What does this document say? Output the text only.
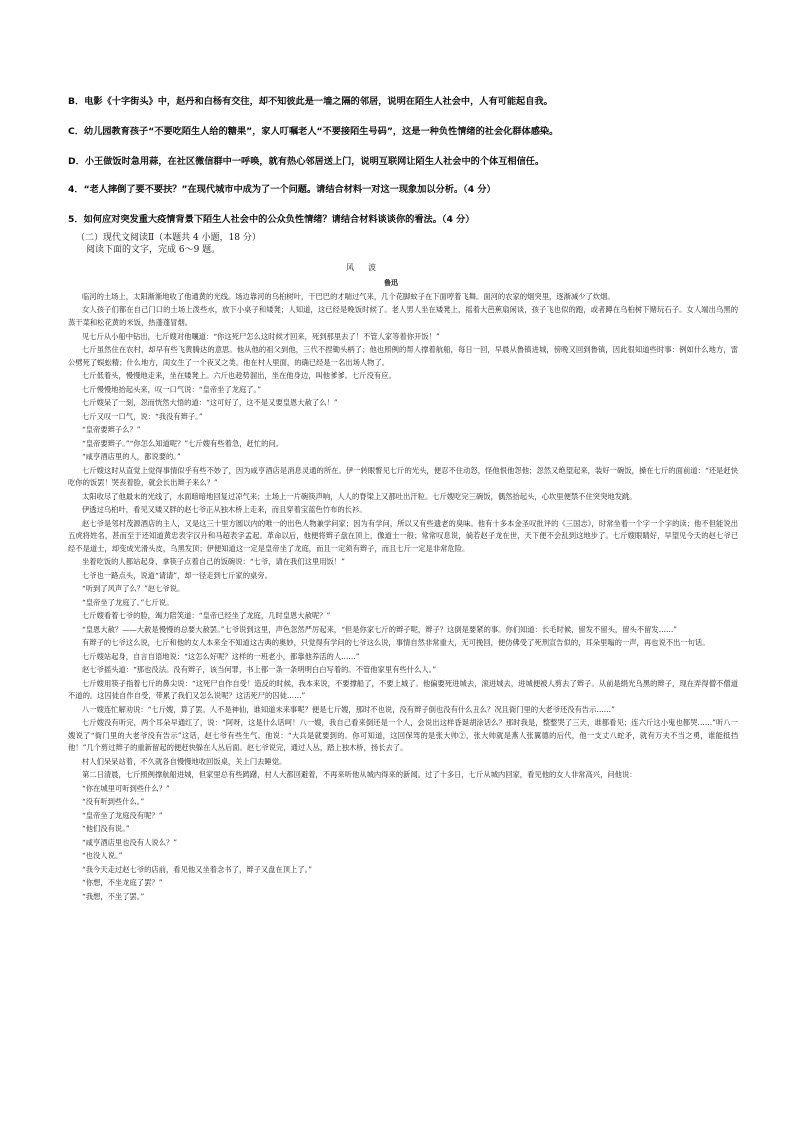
B．电影《十字街头》中，赵丹和白杨有交往，却不知彼此是一墙之隔的邻居，说明在陌生人社会中，人有可能起自我。
C．幼儿园教育孩子“不要吃陌生人给的糖果”，家人叮嘱老人“不要接陌生号码”，这是一种负性情绪的社会化群体感染。
D．小王做饭时急用蒜，在社区微信群中一呼唤，就有热心邻居送上门，说明互联网让陌生人社会中的个体互相信任。
4．“老人摔倒了要不要扶？”在现代城市中成为了一个问题。请结合材料一对这一现象加以分析。（4 分）
5．如何应对突发重大疫情背景下陌生人社会中的公众负性情绪？请结合材料谈谈你的看法。（4 分）
（二）现代文阅读Ⅱ（本题共 4 小题，18 分）
阅读下面的文字，完成 6～9 题。
风波
鲁迅

临河的土场上，太阳渐渐地收了他通黄的光线。场边靠河的乌桕树叶，干巴巴的才喘过气来，几个花脚蚊子在下面哼着飞舞。面河的农家的烟突里，逐渐减少了炊烟。

女人孩子们都在自己门口的土场上泼些水，放下小桌子和矮凳；人知道，这已经是晚饭时候了。老人男人坐在矮凳上，摇着大芭蕉扇闲谈，孩子飞也似的跑，或者蹲在乌桕树下赌玩石子。女人端出乌黑的蒸干菜和松花黄的米饭，热蓬蓬冒烟。

见七斤从小船中钻出，七斤嫂对他嚷道：“你这死尸怎么这时候才回来，死到那里去了！不管人家等着你开饭！”

七斤虽然住在农村，却早有些飞黄腾达的意思。他从他的祖父到他，三代不捏锄头柄了；他也照例的帮人撑着航船，每日一回，早晨从鲁镇进城，傍晚又回到鲁镇，因此很知道些时事：例如什么地方，雷公劈死了蜈蚣精；什么地方，闺女生了一个夜叉之类。他在村人里面，的确已经是一名出场人物了。

七斤低着头，慢慢地走来，坐在矮凳上。六斤也趁势溜出，坐在他身边，叫他爹爹。七斤没有应。

七斤慢慢地抬起头来，叹一口气说：“皇帝坐了龙庭了。”

七斤嫂呆了一刻，忽而恍然大悟的道：“这可好了，这不是又要皇恩大赦了么！”

七斤又叹一口气，说：“我没有辫子。”

“皇帝要辫子么？”

“皇帝要辫子。”“你怎么知道呢？”七斤嫂有些着急，赶忙的问。

“咸亨酒店里的人，都说要的。”

七斤嫂这时从直觉上觉得事情似乎有些不妙了，因为咸亨酒店是消息灵通的所在。伊一转眼瞥见七斤的光头，便忍不住动怒，怪他恨他怨他；忽然又绝望起来，装好一碗饭，搡在七斤的面前道：“还是赶快吃你的饭罢！哭丧着脸，就会长出辫子来么？”

太阳收尽了他最末的光线了，水面暗暗地回复过凉气来；土场上一片碗筷声响，人人的脊梁上又都吐出汗粒。七斤嫂吃完三碗饭，偶然抬起头，心坎里便禁不住突突地发跳。

伊透过乌桕叶，看见又矮又胖的赵七爷正从独木桥上走来，而且穿着宝蓝色竹布的长衫。

赵七爷是邻村茂源酒店的主人，又是这三十里方圆以内的唯一的出色人物兼学问家；因为有学问，所以又有些遗老的臭味。他有十多本金圣叹批评的《三国志》，时常坐着一个字一个字的读；他不但能说出五虎将姓名，甚而至于还知道黄忠表字汉升和马超表字孟起。革命以后，他便将辫子盘在顶上，像道士一般；常常叹息说，倘若赵子龙在世，天下便不会乱到这地步了。七斤嫂眼睛好，早望见今天的赵七爷已经不是道士，却变成光滑头皮，乌黑发顶；伊便知道这一定是皇帝坐了龙庭，而且一定须有辫子，而且七斤一定是非常危险。

坐着吃饭的人都站起身，拿筷子点着自己的饭碗说：“七爷，请在我们这里用饭！”

七爷也一路点头，说道“请请”，却一径走到七斤家的桌旁。

“听到了风声了么？”赵七爷说。

“皇帝坐了龙庭了。”七斤说。

七斤嫂看着七爷的脸，竭力陪笑道：“皇帝已经坐了龙庭，几时皇恩大赦呢？”

“皇恩大赦？——大赦是慢慢的总要大赦罢。”七爷说到这里，声色忽然严厉起来，“但是你家七斤的辫子呢，辫子？这倒是要紧的事。你们知道：长毛时候，留发不留头，留头不留发……”

有辫子的七爷这么说，七斤和他的女人本来全不知道这古典的奥妙，只觉得有学问的七爷这么说，事情自然非常重大，无可挽回，便仿佛受了死刑宣告似的，耳朵里嗡的一声，再也说不出一句话。

七斤嫂站起身，自言自语地说：“这怎么好呢？这样的一班老小，都靠他养活的人……”

赵七爷摇头道：“那也没法。没有辫子，该当何罪，书上都一条一条明明白白写着的。不管他家里有些什么人。”

七斤嫂用筷子指着七斤的鼻尖说：“这死尸自作自受！造反的时候，我本来说，不要撑船了，不要上城了。他偏要死进城去，滚进城去，进城便被人剪去了辫子。从前是绢光乌黑的辫子，现在弄得僧不僧道不道的。这囚徒自作自受，带累了我们又怎么说呢？这活死尸的囚徒……”

八一嫂连忙解劝说：“七斤嫂，算了罢。人不是神仙，谁知道未来事呢？便是七斤嫂，那时不也说，没有辫子倒也没有什么丑么？况且衙门里的大老爷还没有告示……”

七斤嫂没有听完，两个耳朵早通红了，说：“阿呀，这是什么话呵！八一嫂，我自己看来倒还是一个人，会说出这样昏诞胡涂话么？那时我是，整整哭了三天，谁都看见；连六斤这小鬼也都哭……”听八一嫂说了“衙门里的大老爷没有告示”这话，赵七爷有些生气。他说：“大兵是就要到的。你可知道，这回保驾的是张大帅②，张大帅就是燕人张翼德的后代，他一支丈八蛇矛，就有万夫不当之勇，谁能抵挡他！”几个剪过辫子的重新留起的便赶快躲在人丛后面。赵七爷说完，通过人丛，踏上独木桥，扬长去了。

村人们呆呆站着，不久就各自慢慢地收回饭桌，关上门去睡觉。

第二日清晨，七斤照例撑航船进城，但家里总有些踌躇，村人大都回避着，不再来听他从城内得来的新闻。过了十多日，七斤从城内回家，看见他的女人非常高兴，问他说：

“你在城里可听到些什么？”

“没有听到些什么。”

“皇帝坐了龙庭没有呢？”

“他们没有说。”

“咸亨酒店里也没有人说么？”

“也没人说。”

“我今天走过赵七爷的店前，看见他又坐着念书了，辫子又盘在顶上了。”

“你想，不坐龙庭了罢？”

“我想，不坐了罢。”
